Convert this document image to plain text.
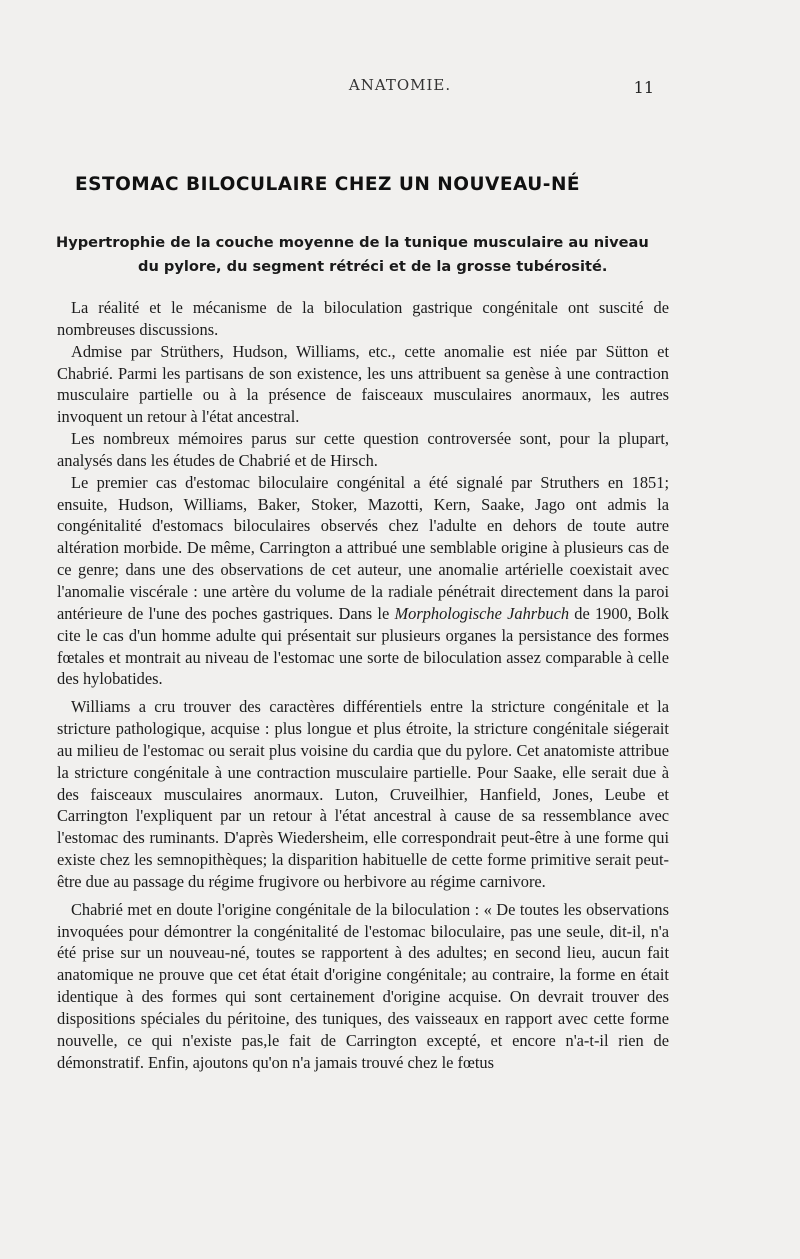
ANATOMIE.	11
ESTOMAC BILOCULAIRE CHEZ UN NOUVEAU-NÉ
Hypertrophie de la couche moyenne de la tunique musculaire au niveau
du pylore, du segment rétréci et de la grosse tubérosité.

La réalité et le mécanisme de la biloculation gastrique congénitale ont suscité de nombreuses discussions.

Admise par Strüthers, Hudson, Williams, etc., cette anomalie est niée par Sütton et Chabrié. Parmi les partisans de son existence, les uns attribuent sa genèse à une contraction musculaire partielle ou à la présence de faisceaux musculaires anormaux, les autres invoquent un retour à l'état ancestral.

Les nombreux mémoires parus sur cette question controversée sont, pour la plupart, analysés dans les études de Chabrié et de Hirsch.

Le premier cas d'estomac biloculaire congénital a été signalé par Struthers en 1851; ensuite, Hudson, Williams, Baker, Stoker, Mazotti, Kern, Saake, Jago ont admis la congénitalité d'estomacs biloculaires observés chez l'adulte en dehors de toute autre altération morbide. De même, Carrington a attribué une semblable origine à plusieurs cas de ce genre; dans une des observations de cet auteur, une anomalie artérielle coexistait avec l'anomalie viscérale : une artère du volume de la radiale pénétrait directement dans la paroi antérieure de l'une des poches gastriques. Dans le Morphologische Jahrbuch de 1900, Bolk cite le cas d'un homme adulte qui présentait sur plusieurs organes la persistance des formes fœtales et montrait au niveau de l'estomac une sorte de biloculation assez comparable à celle des hylobatides.

Williams a cru trouver des caractères différentiels entre la stricture congénitale et la stricture pathologique, acquise : plus longue et plus étroite, la stricture congénitale siégerait au milieu de l'estomac ou serait plus voisine du cardia que du pylore. Cet anatomiste attribue la stricture congénitale à une contraction musculaire partielle. Pour Saake, elle serait due à des faisceaux musculaires anormaux. Luton, Cruveilhier, Hanfield, Jones, Leube et Carrington l'expliquent par un retour à l'état ancestral à cause de sa ressemblance avec l'estomac des ruminants. D'après Wiedersheim, elle correspondrait peut-être à une forme qui existe chez les semnopithèques; la disparition habituelle de cette forme primitive serait peut-être due au passage du régime frugivore ou herbivore au régime carnivore.

Chabrié met en doute l'origine congénitale de la biloculation : « De toutes les observations invoquées pour démontrer la congénitalité de l'estomac biloculaire, pas une seule, dit-il, n'a été prise sur un nouveau-né, toutes se rapportent à des adultes; en second lieu, aucun fait anatomique ne prouve que cet état était d'origine congénitale; au contraire, la forme en était identique à des formes qui sont certainement d'origine acquise. On devrait trouver des dispositions spéciales du péritoine, des tuniques, des vaisseaux en rapport avec cette forme nouvelle, ce qui n'existe pas,le fait de Carrington excepté, et encore n'a-t-il rien de démonstratif. Enfin, ajoutons qu'on n'a jamais trouvé chez le fœtus
